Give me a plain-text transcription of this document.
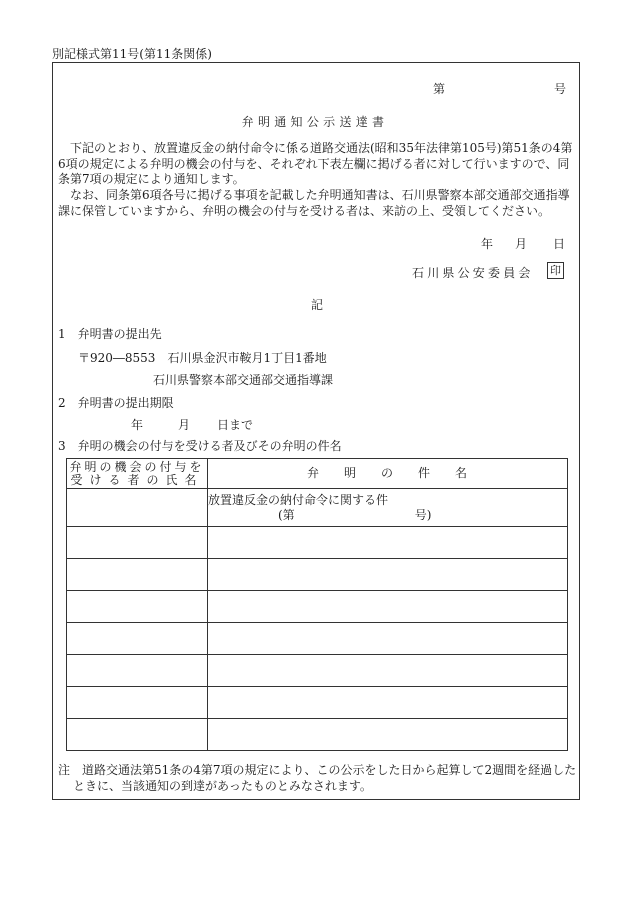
別記様式第11号(第11条関係)
第	号
弁明通知公示送達書
下記のとおり、放置違反金の納付命令に係る道路交通法(昭和35年法律第105号)第51条の4第6項の規定による弁明の機会の付与を、それぞれ下表左欄に掲げる者に対して行いますので、同条第7項の規定により通知します。
なお、同条第6項各号に掲げる事項を記載した弁明通知書は、石川県警察本部交通部交通指導課に保管していますから、弁明の機会の付与を受ける者は、来訪の上、受領してください。
年 月 日
石川県公安委員会 印
記
1　弁明書の提出先
〒920―8553　石川県金沢市鞍月1丁目1番地
石川県警察本部交通部交通指導課
2　弁明書の提出期限
年	月 日まで
3　弁明の機会の付与を受ける者及びその弁明の件名
弁明の機会の付与を
受ける者の氏名	弁 明 の 件 名

	放置違反金の納付命令に関する件
(第 号)

注　道路交通法第51条の4第7項の規定により、この公示をした日から起算して2週間を経過したときに、当該通知の到達があったものとみなされます。
